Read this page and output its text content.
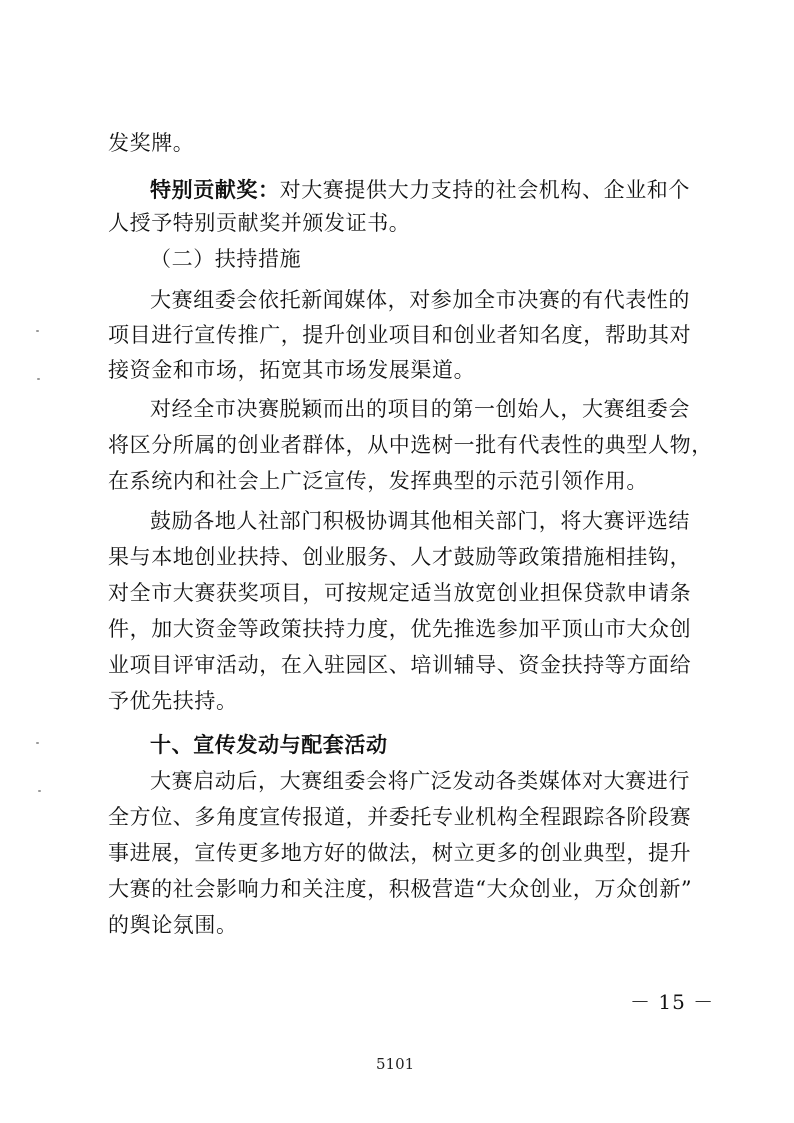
发奖牌。
特别贡献奖：对大赛提供大力支持的社会机构、企业和个
人授予特别贡献奖并颁发证书。
（二）扶持措施
大赛组委会依托新闻媒体，对参加全市决赛的有代表性的
项目进行宣传推广，提升创业项目和创业者知名度，帮助其对
接资金和市场，拓宽其市场发展渠道。
对经全市决赛脱颖而出的项目的第一创始人，大赛组委会
将区分所属的创业者群体，从中选树一批有代表性的典型人物，
在系统内和社会上广泛宣传，发挥典型的示范引领作用。
鼓励各地人社部门积极协调其他相关部门，将大赛评选结
果与本地创业扶持、创业服务、人才鼓励等政策措施相挂钩，
对全市大赛获奖项目，可按规定适当放宽创业担保贷款申请条
件，加大资金等政策扶持力度，优先推选参加平顶山市大众创
业项目评审活动，在入驻园区、培训辅导、资金扶持等方面给
予优先扶持。
十、宣传发动与配套活动
大赛启动后，大赛组委会将广泛发动各类媒体对大赛进行
全方位、多角度宣传报道，并委托专业机构全程跟踪各阶段赛
事进展，宣传更多地方好的做法，树立更多的创业典型，提升
大赛的社会影响力和关注度，积极营造“大众创业，万众创新”
的舆论氛围。
－ 15 －
5101
